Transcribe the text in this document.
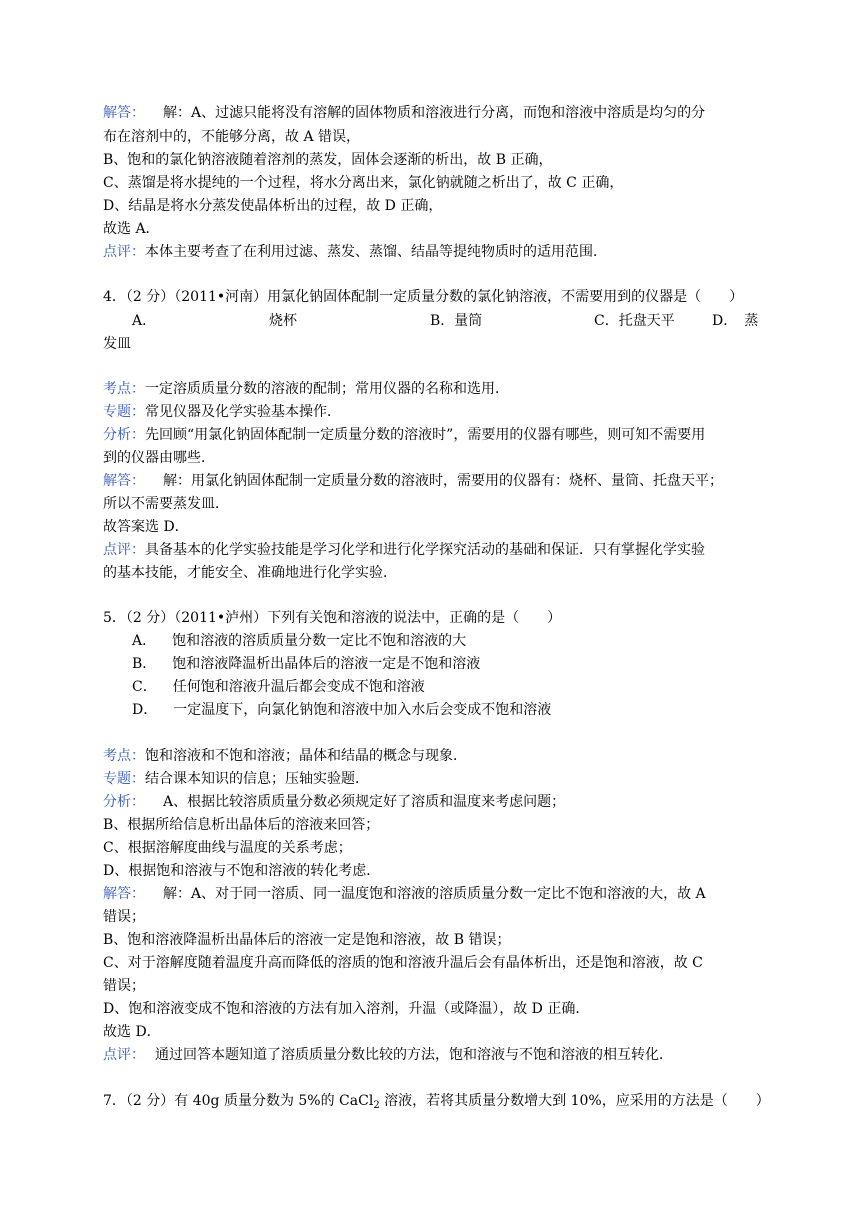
解答： 解：A、过滤只能将没有溶解的固体物质和溶液进行分离，而饱和溶液中溶质是均匀的分
布在溶剂中的，不能够分离，故 A 错误，
B、饱和的氯化钠溶液随着溶剂的蒸发，固体会逐渐的析出，故 B 正确，
C、蒸馏是将水提纯的一个过程，将水分离出来，氯化钠就随之析出了，故 C 正确，
D、结晶是将水分蒸发使晶体析出的过程，故 D 正确，
故选 A．
点评：本体主要考查了在利用过滤、蒸发、蒸馏、结晶等提纯物质时的适用范围．
4．（2 分）（2011•河南）用氯化钠固体配制一定质量分数的氯化钠溶液，不需要用到的仪器是（　　）
A．	烧杯	B．量筒	C．托盘天平	D．　蒸
发皿
考点：一定溶质质量分数的溶液的配制；常用仪器的名称和选用．
专题：常见仪器及化学实验基本操作．
分析：先回顾“用氯化钠固体配制一定质量分数的溶液时”，需要用的仪器有哪些，则可知不需要用
到的仪器由哪些．
解答： 解：用氯化钠固体配制一定质量分数的溶液时，需要用的仪器有：烧杯、量筒、托盘天平；
所以不需要蒸发皿．
故答案选 D．
点评：具备基本的化学实验技能是学习化学和进行化学探究活动的基础和保证．只有掌握化学实验
的基本技能，才能安全、准确地进行化学实验．
5．（2 分）（2011•泸州）下列有关饱和溶液的说法中，正确的是（　　）
A． 饱和溶液的溶质质量分数一定比不饱和溶液的大
B． 饱和溶液降温析出晶体后的溶液一定是不饱和溶液
C． 任何饱和溶液升温后都会变成不饱和溶液
D． 一定温度下，向氯化钠饱和溶液中加入水后会变成不饱和溶液
考点：饱和溶液和不饱和溶液；晶体和结晶的概念与现象．
专题：结合课本知识的信息；压轴实验题．
分析： A、根据比较溶质质量分数必须规定好了溶质和温度来考虑问题；
B、根据所给信息析出晶体后的溶液来回答；
C、根据溶解度曲线与温度的关系考虑；
D、根据饱和溶液与不饱和溶液的转化考虑．
解答： 解：A、对于同一溶质、同一温度饱和溶液的溶质质量分数一定比不饱和溶液的大，故 A
错误；
B、饱和溶液降温析出晶体后的溶液一定是饱和溶液，故 B 错误；
C、对于溶解度随着温度升高而降低的溶质的饱和溶液升温后会有晶体析出，还是饱和溶液，故 C
错误；
D、饱和溶液变成不饱和溶液的方法有加入溶剂，升温（或降温），故 D 正确．
故选 D．
点评： 通过回答本题知道了溶质质量分数比较的方法，饱和溶液与不饱和溶液的相互转化．
7．（2 分）有 40g 质量分数为 5%的 CaCl$_2$ 溶液，若将其质量分数增大到 10%，应采用的方法是（　　）
